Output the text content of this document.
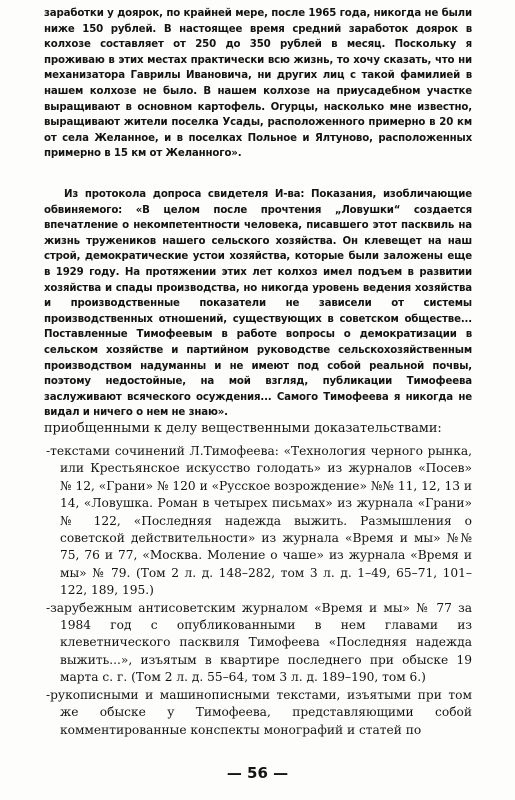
заработки у доярок, по крайней мере, после 1965 года, никогда не были ниже 150 рублей. В настоящее время средний заработок доярок в колхозе составляет от 250 до 350 рублей в месяц. Поскольку я проживаю в этих местах практически всю жизнь, то хочу сказать, что ни механизатора Гаврилы Ивановича, ни других лиц с такой фамилией в нашем колхозе не было. В нашем колхозе на приусадебном участке выращивают в основном картофель. Огурцы, насколько мне известно, выращивают жители поселка Усады, расположенного примерно в 20 км от села Желанное, и в поселках Польное и Ялтуново, расположенных примерно в 15 км от Желанного».
Из протокола допроса свидетеля И-ва: Показания, изобличающие обвиняемого: «В целом после прочтения „Ловушки“ создается впечатление о некомпетентности человека, писавшего этот пасквиль на жизнь тружеников нашего сельского хозяйства. Он клевещет на наш строй, демократические устои хозяйства, которые были заложены еще в 1929 году. На протяжении этих лет колхоз имел подъем в развитии хозяйства и спады производства, но никогда уровень ведения хозяйства и производственные показатели не зависели от системы производственных отношений, существующих в советском обществе... Поставленные Тимофеевым в работе вопросы о демократизации в сельском хозяйстве и партийном руководстве сельскохозяйственным производством надуманны и не имеют под собой реальной почвы, поэтому недостойные, на мой взгляд, публикации Тимофеева заслуживают всяческого осуждения... Самого Тимофеева я никогда не видал и ничего о нем не знаю».
приобщенными к делу вещественными доказательствами:

-текстами сочинений Л.Тимофеева: «Технология черного рынка, или Крестьянское искусство голодать» из журналов «Посев» № 12, «Грани» № 120 и «Русское возрождение» №№ 11, 12, 13 и 14, «Ловушка. Роман в четырех письмах» из журнала «Грани» № 122, «Последняя надежда выжить. Размышления о советской действительности» из журнала «Время и мы» №№ 75, 76 и 77, «Москва. Моление о чаше» из журнала «Время и мы» № 79. (Том 2 л. д. 148–282, том 3 л. д. 1–49, 65–71, 101–122, 189, 195.)

-зарубежным антисоветским журналом «Время и мы» № 77 за 1984 год с опубликованными в нем главами из клеветнического пасквиля Тимофеева «Последняя надежда выжить...», изъятым в квартире последнего при обыске 19 марта с. г. (Том 2 л. д. 55–64, том 3 л. д. 189–190, том 6.)

-рукописными и машинописными текстами, изъятыми при том же обыске у Тимофеева, представляющими собой комментированные конспекты монографий и статей по

— 56 —
